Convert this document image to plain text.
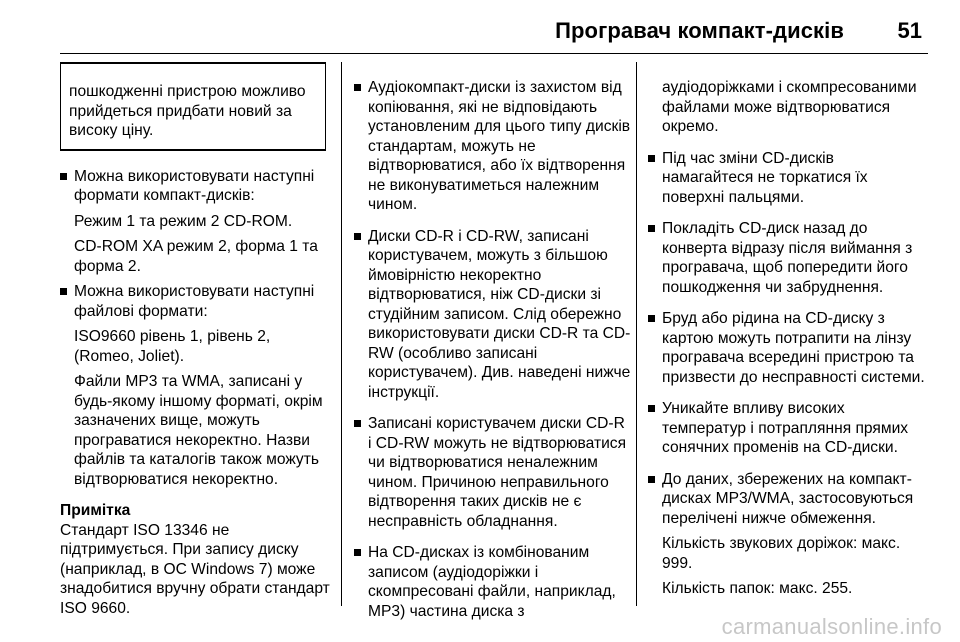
Програвач компакт-дисків 51
пошкодженні пристрою можливо прийдеться придбати новий за високу ціну.
Можна використовувати наступні формати компакт-дисків:
Режим 1 та режим 2 CD-ROM.
CD-ROM XA режим 2, форма 1 та форма 2.
Можна використовувати наступні файлові формати:
ISO9660 рівень 1, рівень 2, (Romeo, Joliet).
Файли MP3 та WMA, записані у будь-якому іншому форматі, окрім зазначених вище, можуть програватися некоректно. Назви файлів та каталогів також можуть відтворюватися некоректно.
Примітка
Стандарт ISO 13346 не підтримується. При запису диску (наприклад, в ОС Windows 7) може знадобитися вручну обрати стандарт ISO 9660.
Аудіокомпакт-диски із захистом від копіювання, які не відповідають установленим для цього типу дисків стандартам, можуть не відтворюватися, або їх відтворення не виконуватиметься належним чином.
Диски CD-R і CD-RW, записані користувачем, можуть з більшою ймовірністю некоректно відтворюватися, ніж CD-диски зі студійним записом. Слід обережно використовувати диски CD-R та CD-RW (особливо записані користувачем). Див. наведені нижче інструкції.
Записані користувачем диски CD-R і CD-RW можуть не відтворюватися чи відтворюватися неналежним чином. Причиною неправильного відтворення таких дисків не є несправність обладнання.
На CD-дисках із комбінованим записом (аудіодоріжки і скомпресовані файли, наприклад, MP3) частина диска з
аудіодоріжками і скомпресованими файлами може відтворюватися окремо.
Під час зміни CD-дисків намагайтеся не торкатися їх поверхні пальцями.
Покладіть CD-диск назад до конверта відразу після виймання з програвача, щоб попередити його пошкодження чи забруднення.
Бруд або рідина на CD-диску з картою можуть потрапити на лінзу програвача всередині пристрою та призвести до несправності системи.
Уникайте впливу високих температур і потрапляння прямих сонячних променів на CD-диски.
До даних, збережених на компакт-дисках MP3/WMA, застосовуються перелічені нижче обмеження.
Кількість звукових доріжок: макс. 999.
Кількість папок: макс. 255.
carmanualsonline.info
